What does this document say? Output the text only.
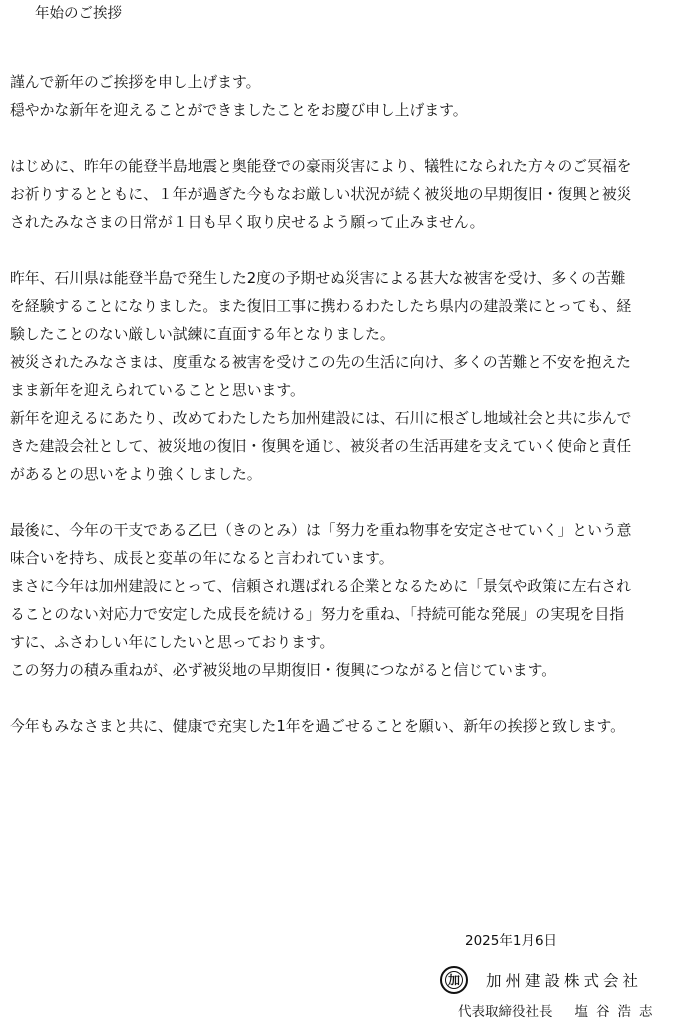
年始のご挨拶
謹んで新年のご挨拶を申し上げます。
穏やかな新年を迎えることができましたことをお慶び申し上げます。
はじめに、昨年の能登半島地震と奥能登での豪雨災害により、犠牲になられた方々のご冥福を
お祈りするとともに、１年が過ぎた今もなお厳しい状況が続く被災地の早期復旧・復興と被災
されたみなさまの日常が１日も早く取り戻せるよう願って止みません。
昨年、石川県は能登半島で発生した2度の予期せぬ災害による甚大な被害を受け、多くの苦難
を経験することになりました。また復旧工事に携わるわたしたち県内の建設業にとっても、経
験したことのない厳しい試練に直面する年となりました。
被災されたみなさまは、度重なる被害を受けこの先の生活に向け、多くの苦難と不安を抱えた
まま新年を迎えられていることと思います。
新年を迎えるにあたり、改めてわたしたち加州建設には、石川に根ざし地域社会と共に歩んで
きた建設会社として、被災地の復旧・復興を通じ、被災者の生活再建を支えていく使命と責任
があるとの思いをより強くしました。
最後に、今年の干支である乙巳（きのとみ）は「努力を重ね物事を安定させていく」という意
味合いを持ち、成長と変革の年になると言われています。
まさに今年は加州建設にとって、信頼され選ばれる企業となるために「景気や政策に左右され
ることのない対応力で安定した成長を続ける」努力を重ね、「持続可能な発展」の実現を目指
すに、ふさわしい年にしたいと思っております。
この努力の積み重ねが、必ず被災地の早期復旧・復興につながると信じています。
今年もみなさまと共に、健康で充実した1年を過ごせることを願い、新年の挨拶と致します。
2025年1月6日
加 加州建設株式会社
代表取締役社長 塩谷浩志
